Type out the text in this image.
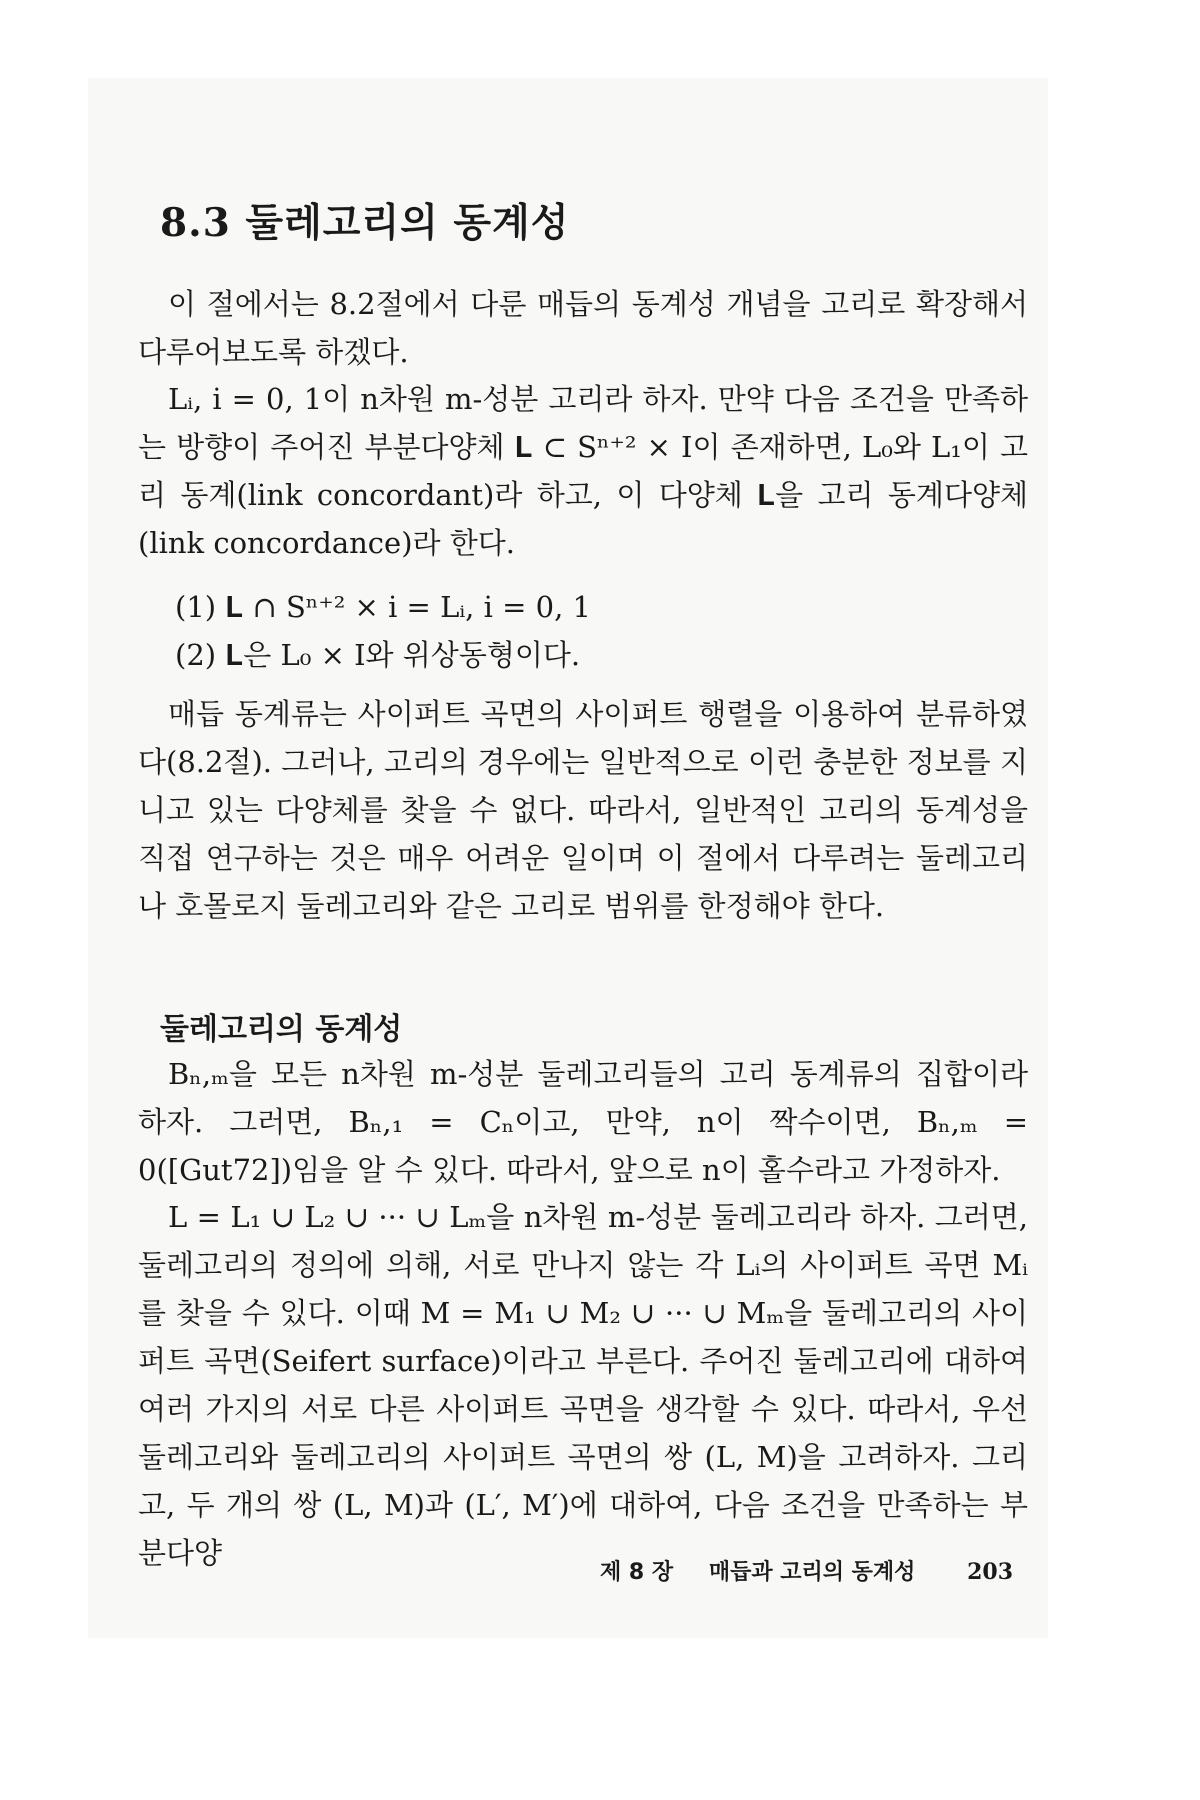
8.3 둘레고리의 동계성

이 절에서는 8.2절에서 다룬 매듭의 동계성 개념을 고리로 확장해서 다루어보도록 하겠다.

Lᵢ, i = 0, 1이 n차원 m-성분 고리라 하자. 만약 다음 조건을 만족하는 방향이 주어진 부분다양체 𝐋 ⊂ Sⁿ⁺² × I이 존재하면, L₀와 L₁이 고리 동계(link concordant)라 하고, 이 다양체 𝐋을 고리 동계다양체(link concordance)라 한다.

(1) 𝐋 ∩ Sⁿ⁺² × i = Lᵢ, i = 0, 1
(2) 𝐋은 L₀ × I와 위상동형이다.

매듭 동계류는 사이퍼트 곡면의 사이퍼트 행렬을 이용하여 분류하였다(8.2절). 그러나, 고리의 경우에는 일반적으로 이런 충분한 정보를 지니고 있는 다양체를 찾을 수 없다. 따라서, 일반적인 고리의 동계성을 직접 연구하는 것은 매우 어려운 일이며 이 절에서 다루려는 둘레고리나 호몰로지 둘레고리와 같은 고리로 범위를 한정해야 한다.

둘레고리의 동계성

Bₙ,ₘ을 모든 n차원 m-성분 둘레고리들의 고리 동계류의 집합이라 하자. 그러면, Bₙ,₁ = Cₙ이고, 만약, n이 짝수이면, Bₙ,ₘ = 0([Gut72])임을 알 수 있다. 따라서, 앞으로 n이 홀수라고 가정하자.

L = L₁ ∪ L₂ ∪ ··· ∪ Lₘ을 n차원 m-성분 둘레고리라 하자. 그러면, 둘레고리의 정의에 의해, 서로 만나지 않는 각 Lᵢ의 사이퍼트 곡면 Mᵢ를 찾을 수 있다. 이때 M = M₁ ∪ M₂ ∪ ··· ∪ Mₘ을 둘레고리의 사이퍼트 곡면(Seifert surface)이라고 부른다. 주어진 둘레고리에 대하여 여러 가지의 서로 다른 사이퍼트 곡면을 생각할 수 있다. 따라서, 우선 둘레고리와 둘레고리의 사이퍼트 곡면의 쌍 (L, M)을 고려하자. 그리고, 두 개의 쌍 (L, M)과 (L′, M′)에 대하여, 다음 조건을 만족하는 부분다양

제 8 장 매듭과 고리의 동계성 203
